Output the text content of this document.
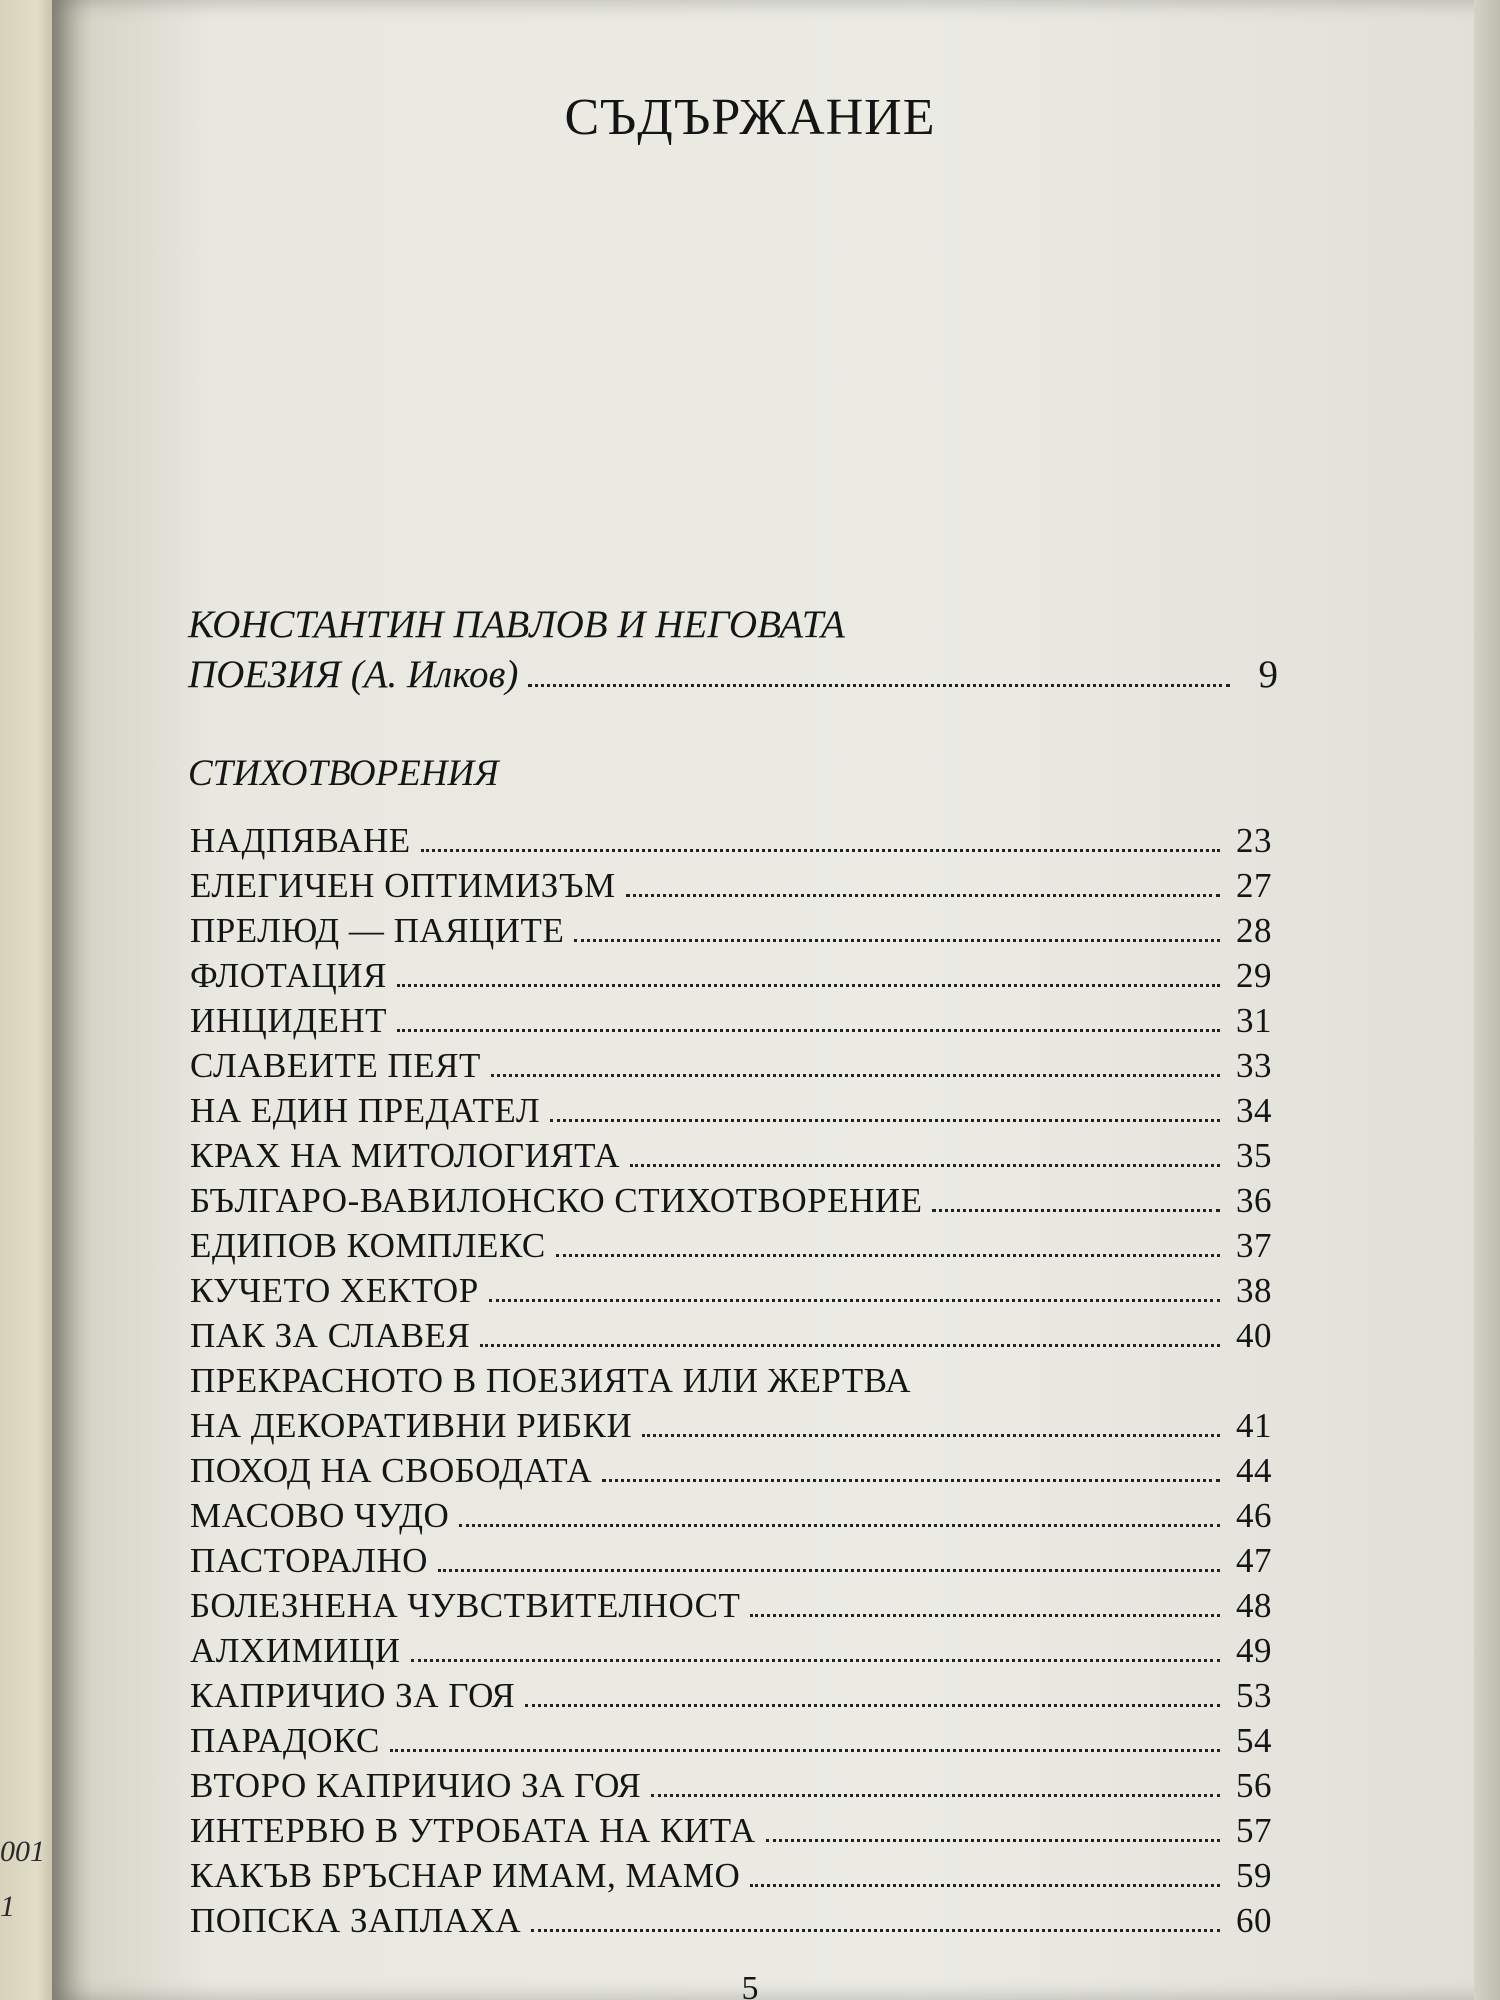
001
1
СЪДЪРЖАНИЕ
КОНСТАНТИН ПАВЛОВ И НЕГОВАТА
ПОЕЗИЯ (А. Илков)	9
СТИХОТВОРЕНИЯ
НАДПЯВАНЕ	23
ЕЛЕГИЧЕН ОПТИМИЗЪМ	27
ПРЕЛЮД — ПАЯЦИТЕ	28
ФЛОТАЦИЯ	29
ИНЦИДЕНТ	31
СЛАВЕИТЕ ПЕЯТ	33
НА ЕДИН ПРЕДАТЕЛ	34
КРАХ НА МИТОЛОГИЯТА	35
БЪЛГАРО-ВАВИЛОНСКО СТИХОТВОРЕНИЕ	36
ЕДИПОВ КОМПЛЕКС	37
КУЧЕТО ХЕКТОР	38
ПАК ЗА СЛАВЕЯ	40
ПРЕКРАСНОТО В ПОЕЗИЯТА ИЛИ ЖЕРТВА
НА ДЕКОРАТИВНИ РИБКИ	41
ПОХОД НА СВОБОДАТА	44
МАСОВО ЧУДО	46
ПАСТОРАЛНО	47
БОЛЕЗНЕНА ЧУВСТВИТЕЛНОСТ	48
АЛХИМИЦИ	49
КАПРИЧИО ЗА ГОЯ	53
ПАРАДОКС	54
ВТОРО КАПРИЧИО ЗА ГОЯ	56
ИНТЕРВЮ В УТРОБАТА НА КИТА	57
КАКЪВ БРЪСНАР ИМАМ, МАМО	59
ПОПСКА ЗАПЛАХА	60
5
